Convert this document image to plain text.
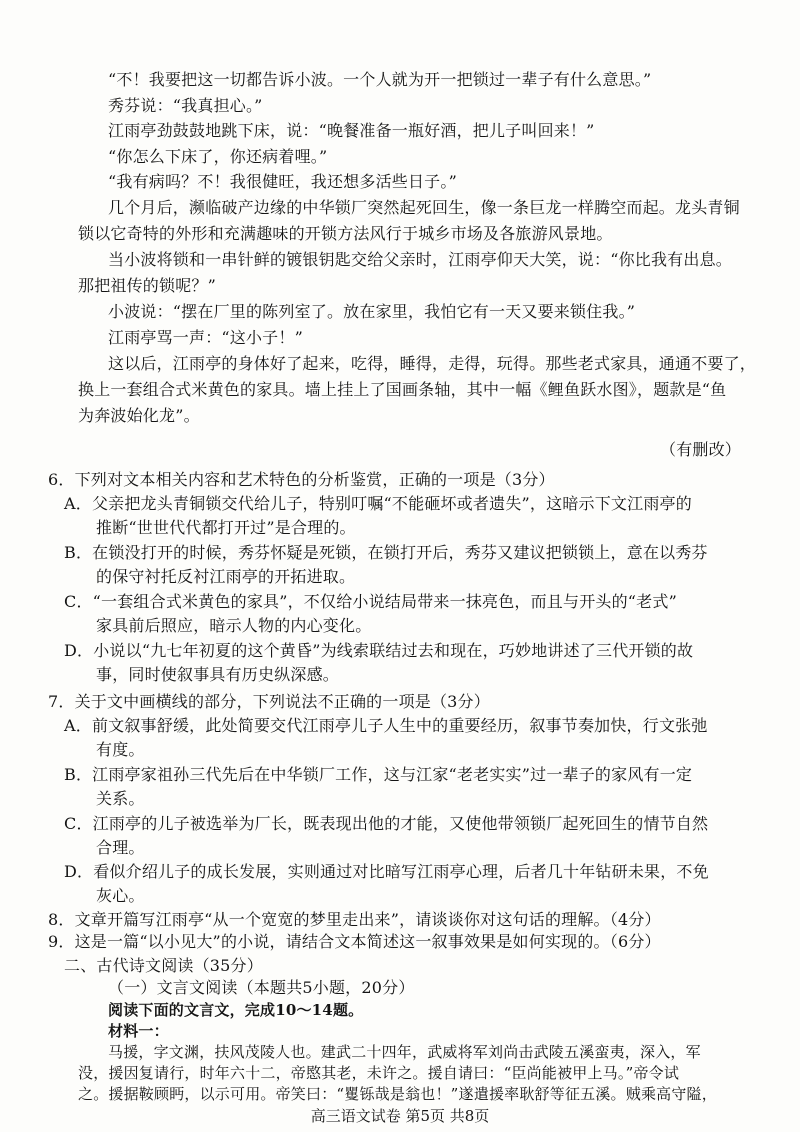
“不！我要把这一切都告诉小波。一个人就为开一把锁过一辈子有什么意思。”
秀芬说：“我真担心。”
江雨亭劲鼓鼓地跳下床，说：“晚餐准备一瓶好酒，把儿子叫回来！”
“你怎么下床了，你还病着哩。”
“我有病吗？不！我很健旺，我还想多活些日子。”
几个月后，濒临破产边缘的中华锁厂突然起死回生，像一条巨龙一样腾空而起。龙头青铜
锁以它奇特的外形和充满趣味的开锁方法风行于城乡市场及各旅游风景地。
当小波将锁和一串针鲜的镀银钥匙交给父亲时，江雨亭仰天大笑，说：“你比我有出息。
那把祖传的锁呢？”
小波说：“摆在厂里的陈列室了。放在家里，我怕它有一天又要来锁住我。”
江雨亭骂一声：“这小子！”
这以后，江雨亭的身体好了起来，吃得，睡得，走得，玩得。那些老式家具，通通不要了，
换上一套组合式米黄色的家具。墙上挂上了国画条轴，其中一幅《鲤鱼跃水图》，题款是“鱼
为奔波始化龙”。
（有删改）
6．下列对文本相关内容和艺术特色的分析鉴赏，正确的一项是（3分）
A．父亲把龙头青铜锁交代给儿子，特别叮嘱“不能砸坏或者遗失”，这暗示下文江雨亭的
推断“世世代代都打开过”是合理的。
B．在锁没打开的时候，秀芬怀疑是死锁，在锁打开后，秀芬又建议把锁锁上，意在以秀芬
的保守衬托反衬江雨亭的开拓进取。
C．“一套组合式米黄色的家具”，不仅给小说结局带来一抹亮色，而且与开头的“老式”
家具前后照应，暗示人物的内心变化。
D．小说以“九七年初夏的这个黄昏”为线索联结过去和现在，巧妙地讲述了三代开锁的故
事，同时使叙事具有历史纵深感。
7．关于文中画横线的部分，下列说法不正确的一项是（3分）
A．前文叙事舒缓，此处简要交代江雨亭儿子人生中的重要经历，叙事节奏加快，行文张弛
有度。
B．江雨亭家祖孙三代先后在中华锁厂工作，这与江家“老老实实”过一辈子的家风有一定
关系。
C．江雨亭的儿子被选举为厂长，既表现出他的才能，又使他带领锁厂起死回生的情节自然
合理。
D．看似介绍儿子的成长发展，实则通过对比暗写江雨亭心理，后者几十年钻研未果，不免
灰心。
8．文章开篇写江雨亭“从一个宽宽的梦里走出来”，请谈谈你对这句话的理解。（4分）
9．这是一篇“以小见大”的小说，请结合文本简述这一叙事效果是如何实现的。（6分）
二、古代诗文阅读（35分）
（一）文言文阅读（本题共5小题，20分）
高三语文试卷 第5页 共8页
阅读下面的文言文，完成10～14题。
材料一：
马援，字文渊，扶风茂陵人也。建武二十四年，武威将军刘尚击武陵五溪蛮夷，深入，军
没，援因复请行，时年六十二，帝愍其老，未许之。援自请曰：“臣尚能被甲上马。”帝令试
之。援据鞍顾眄，以示可用。帝笑曰：“矍铄哉是翁也！”遂遣援率耿舒等征五溪。贼乘高守隘，
